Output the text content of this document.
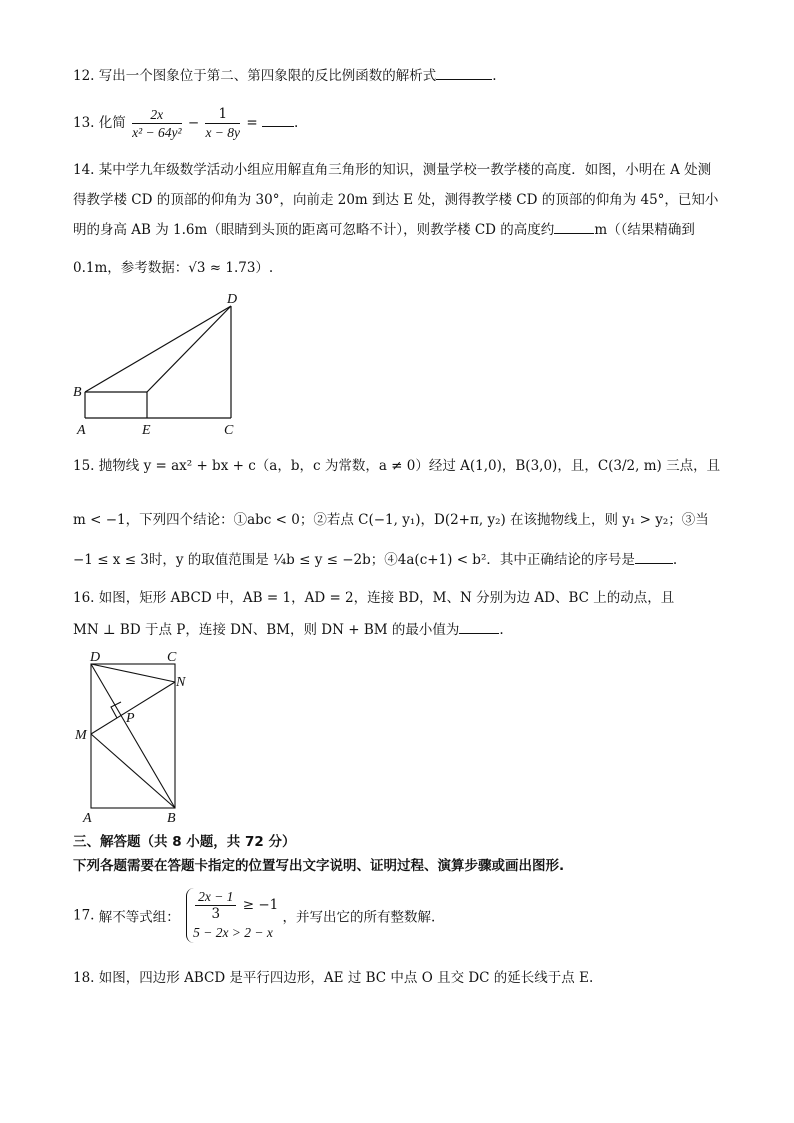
12. 写出一个图象位于第二、第四象限的反比例函数的解析式	.
13. 化简 $\frac{2x}{\text{x² − 64y²}} - \frac{1}{x - 8y}$ =	.
14. 某中学九年级数学活动小组应用解直角三角形的知识，测量学校一教学楼的高度．如图，小明在 A 处测
得教学楼 CD 的顶部的仰角为 30°，向前走 20m 到达 E 处，测得教学楼 CD 的顶部的仰角为 45°，已知小
明的身高 AB 为 1.6m（眼睛到头顶的距离可忽略不计），则教学楼 CD 的高度约	m（（结果精确到
0.1m，参考数据：√3 ≈ 1.73）.
D
B
A	E	C
15. 抛物线 y = ax² + bx + c（a，b，c 为常数，a ≠ 0）经过 A(1,0)，B(3,0)，且，C(3/2, m) 三点，且
m < −1，下列四个结论：①abc < 0；②若点 C(−1, y₁)，D(2+π, y₂) 在该抛物线上，则 y₁ > y₂；③当
−1 ≤ x ≤ 3时，y 的取值范围是 ¼b ≤ y ≤ −2b；④4a(c+1) < b²．其中正确结论的序号是	.
16. 如图，矩形 ABCD 中，AB = 1，AD = 2，连接 BD，M、N 分别为边 AD、BC 上的动点，且
MN ⊥ BD 于点 P，连接 DN、BM，则 DN + BM 的最小值为	.
D	C
N
P
M
A	B
三、解答题（共 8 小题，共 72 分）
下列各题需要在答题卡指定的位置写出文字说明、证明过程、演算步骤或画出图形.
17. 解不等式组： $\frac{2x - 1}{3} \ge -1$
5 − 2x > 2 − x
，并写出它的所有整数解.
18. 如图，四边形 ABCD 是平行四边形，AE 过 BC 中点 O 且交 DC 的延长线于点 E.
